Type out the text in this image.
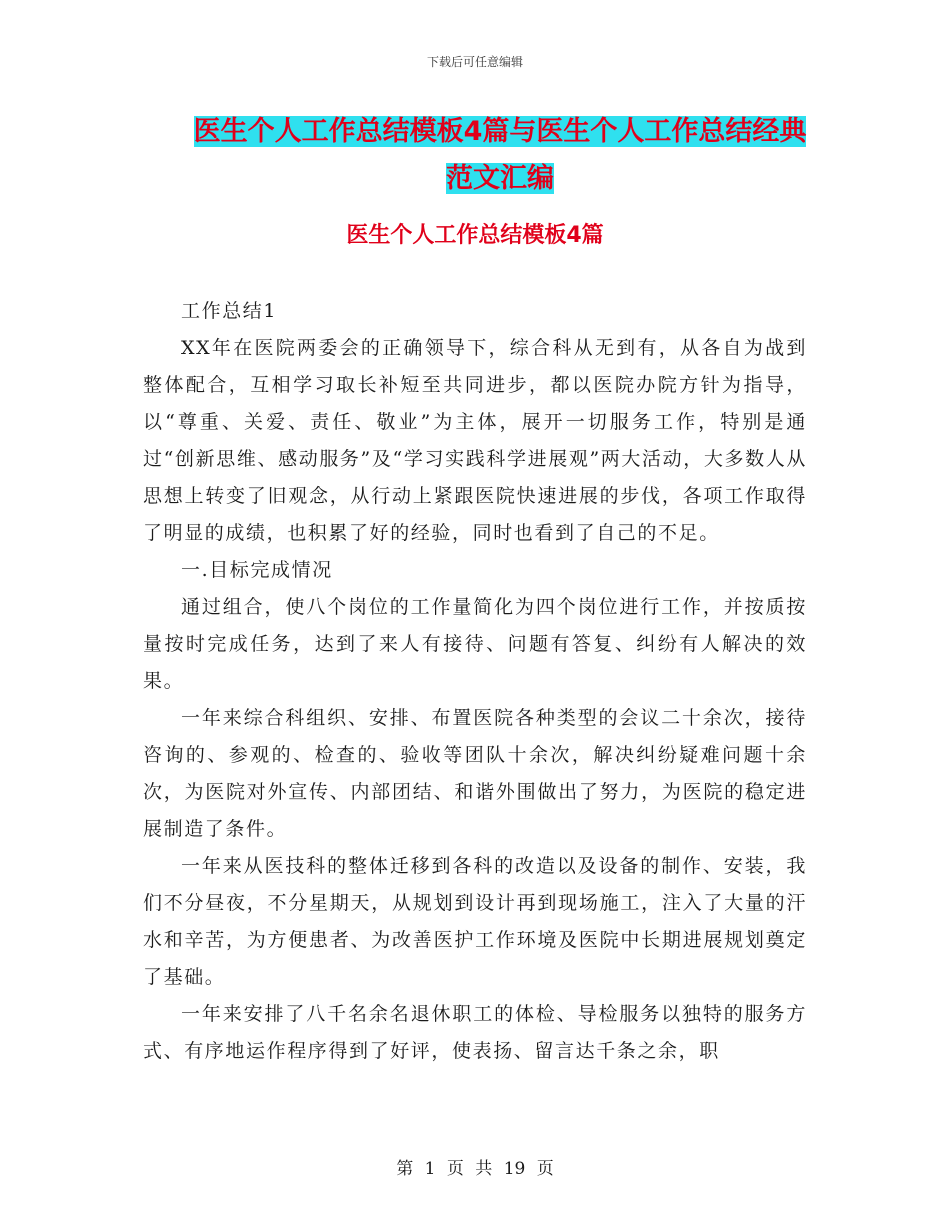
下载后可任意编辑
医生个人工作总结模板4篇与医生个人工作总结经典范文汇编
医生个人工作总结模板4篇

工作总结1

XX年在医院两委会的正确领导下，综合科从无到有，从各自为战到整体配合，互相学习取长补短至共同进步，都以医院办院方针为指导，以“尊重、关爱、责任、敬业”为主体，展开一切服务工作，特别是通过“创新思维、感动服务”及“学习实践科学进展观”两大活动，大多数人从思想上转变了旧观念，从行动上紧跟医院快速进展的步伐，各项工作取得了明显的成绩，也积累了好的经验，同时也看到了自己的不足。

一.目标完成情况

通过组合，使八个岗位的工作量简化为四个岗位进行工作，并按质按量按时完成任务，达到了来人有接待、问题有答复、纠纷有人解决的效果。

一年来综合科组织、安排、布置医院各种类型的会议二十余次，接待咨询的、参观的、检查的、验收等团队十余次，解决纠纷疑难问题十余次，为医院对外宣传、内部团结、和谐外围做出了努力，为医院的稳定进展制造了条件。

一年来从医技科的整体迁移到各科的改造以及设备的制作、安装，我们不分昼夜，不分星期天，从规划到设计再到现场施工，注入了大量的汗水和辛苦，为方便患者、为改善医护工作环境及医院中长期进展规划奠定了基础。

一年来安排了八千名余名退休职工的体检、导检服务以独特的服务方式、有序地运作程序得到了好评，使表扬、留言达千条之余，职

第 1 页 共 19 页
